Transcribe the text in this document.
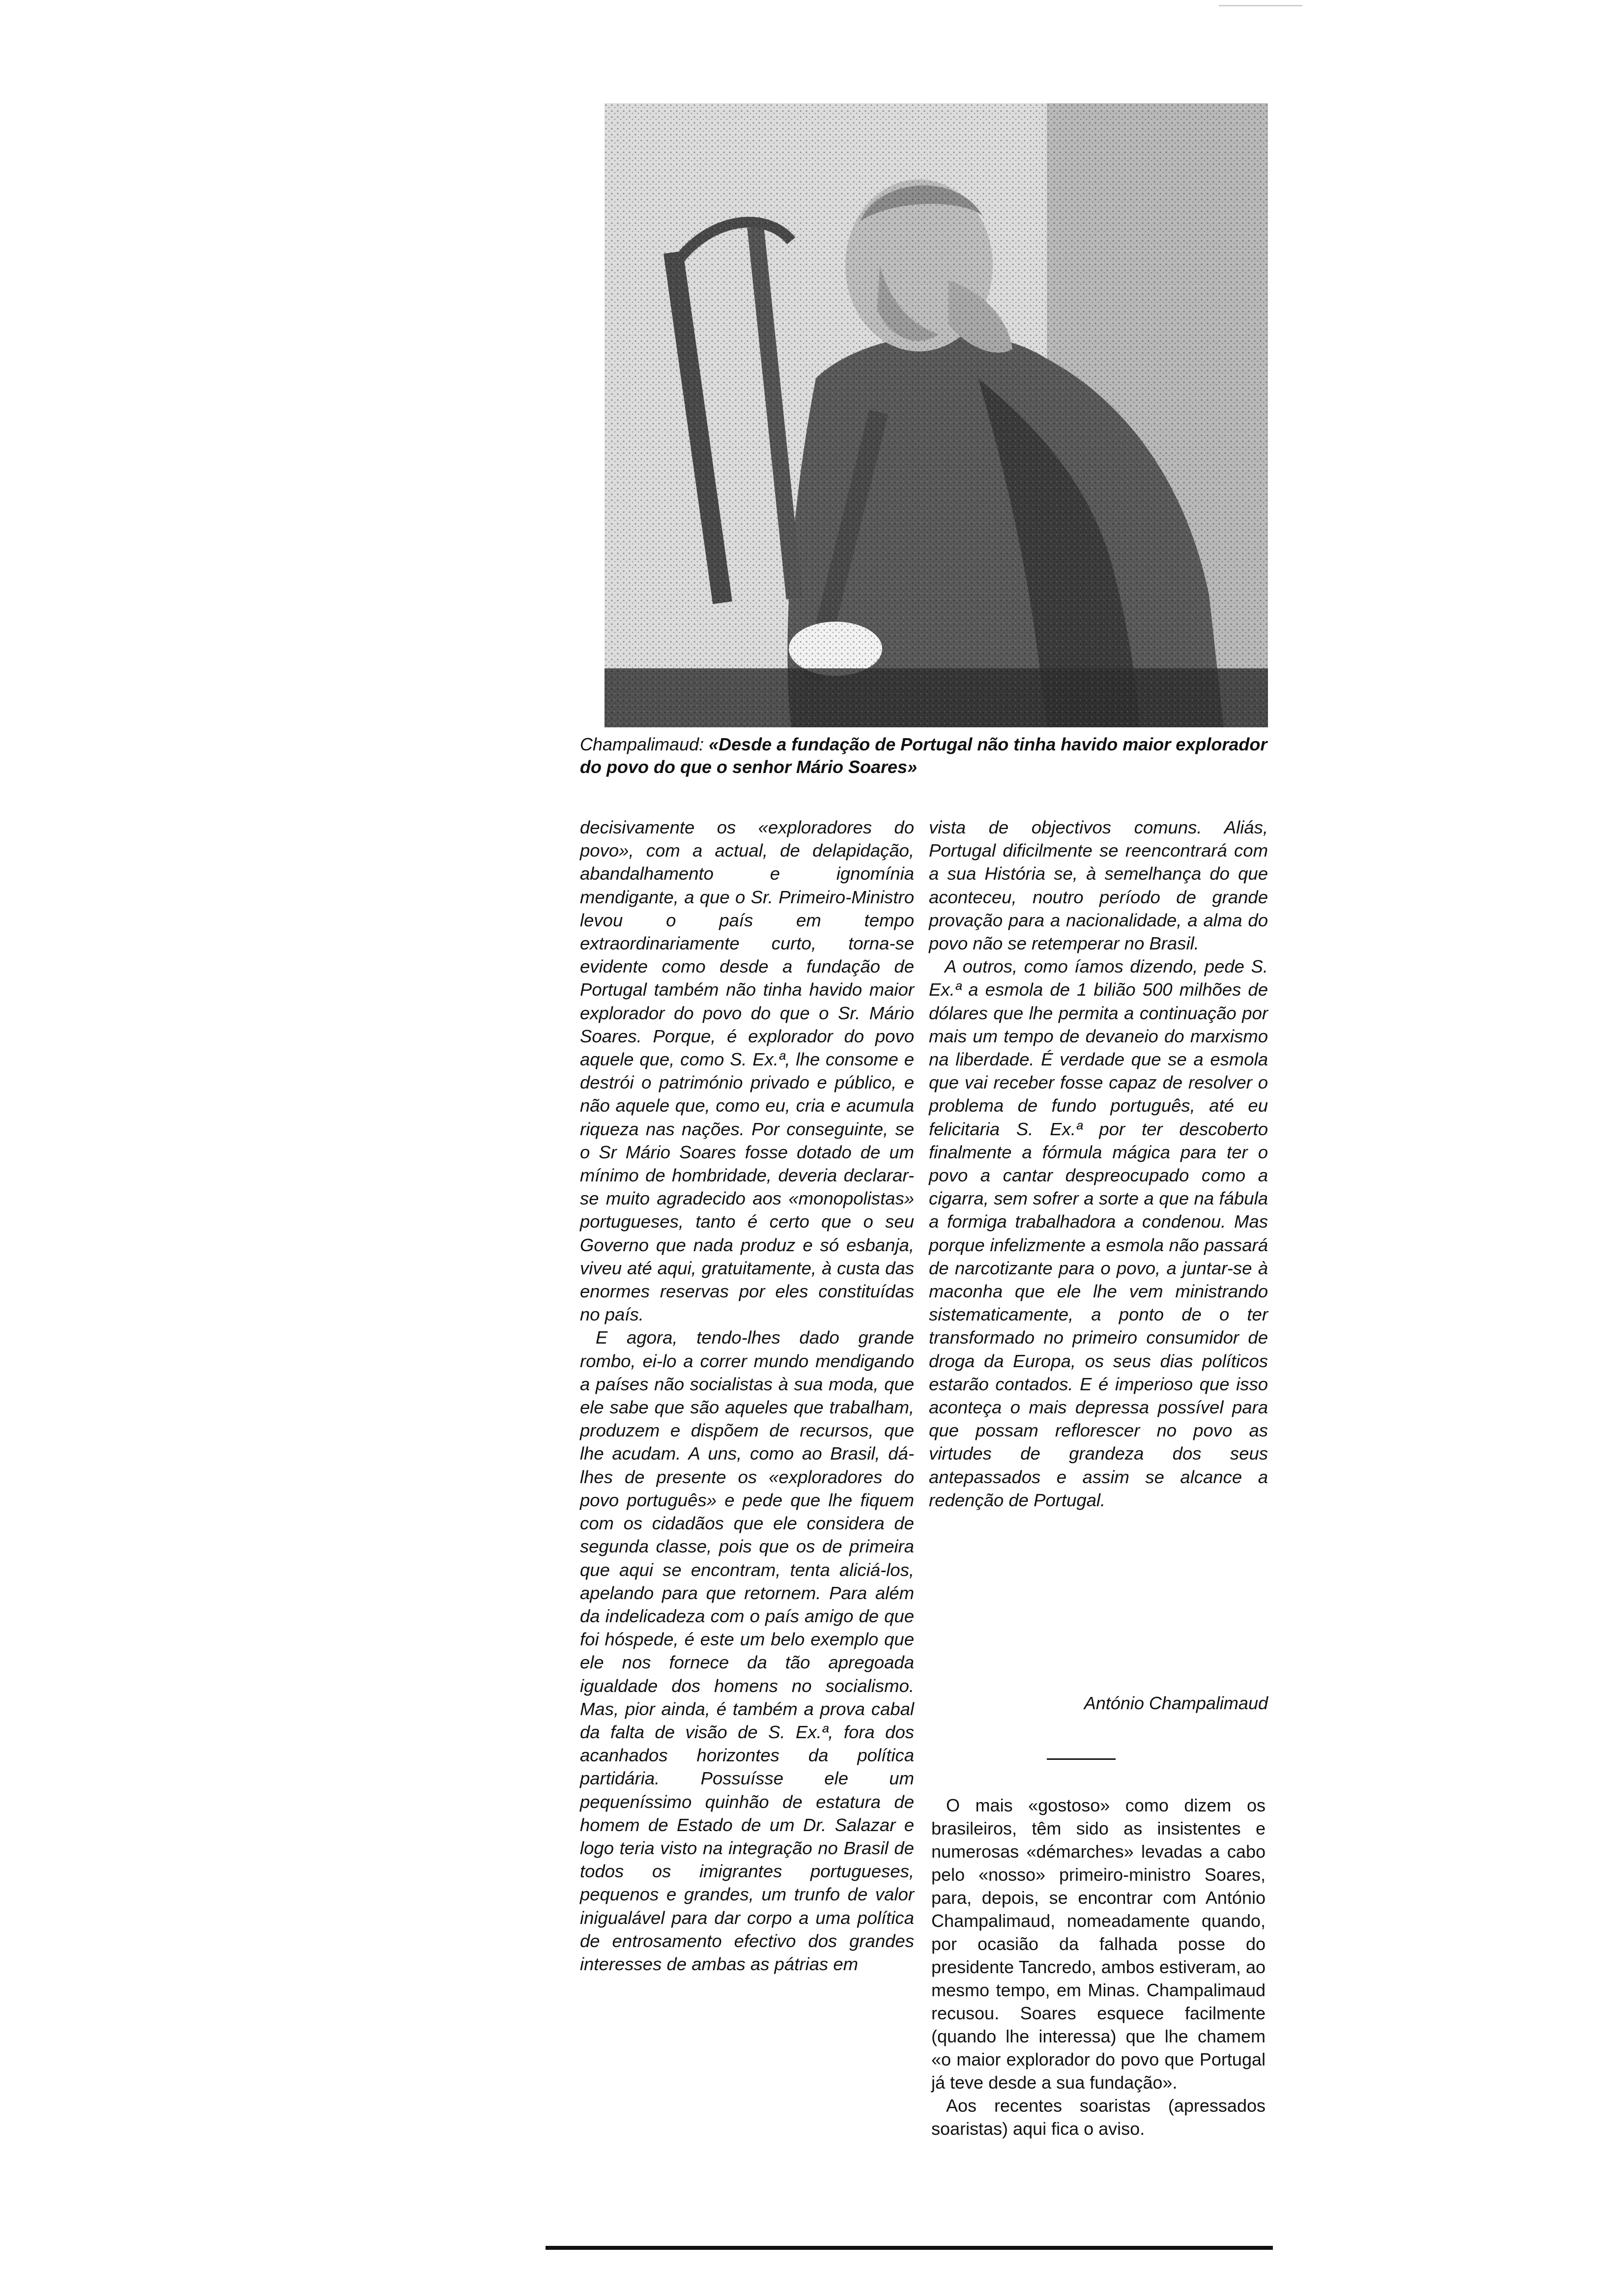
Champalimaud: «Desde a fundação de Portugal não tinha havido maior explorador do povo do que o senhor Mário Soares»

decisivamente os «exploradores do povo», com a actual, de delapidação, abandalhamento e ignomínia mendigante, a que o Sr. Primeiro-Ministro levou o país em tempo extraordinariamente curto, torna-se evidente como desde a fundação de Portugal também não tinha havido maior explorador do povo do que o Sr. Mário Soares. Porque, é explorador do povo aquele que, como S. Ex.ª, lhe consome e destrói o património privado e público, e não aquele que, como eu, cria e acumula riqueza nas nações. Por conseguinte, se o Sr Mário Soares fosse dotado de um mínimo de hombridade, deveria declarar-se muito agradecido aos «monopolistas» portugueses, tanto é certo que o seu Governo que nada produz e só esbanja, viveu até aqui, gratuitamente, à custa das enormes reservas por eles constituídas no país.

E agora, tendo-lhes dado grande rombo, ei-lo a correr mundo mendigando a países não socialistas à sua moda, que ele sabe que são aqueles que trabalham, produzem e dispõem de recursos, que lhe acudam. A uns, como ao Brasil, dá-lhes de presente os «exploradores do povo português» e pede que lhe fiquem com os cidadãos que ele considera de segunda classe, pois que os de primeira que aqui se encontram, tenta aliciá-los, apelando para que retornem. Para além da indelicadeza com o país amigo de que foi hóspede, é este um belo exemplo que ele nos fornece da tão apregoada igualdade dos homens no socialismo. Mas, pior ainda, é também a prova cabal da falta de visão de S. Ex.ª, fora dos acanhados horizontes da política partidária. Possuísse ele um pequeníssimo quinhão de estatura de homem de Estado de um Dr. Salazar e logo teria visto na integração no Brasil de todos os imigrantes portugueses, pequenos e grandes, um trunfo de valor inigualável para dar corpo a uma política de entrosamento efectivo dos grandes interesses de ambas as pátrias em

vista de objectivos comuns. Aliás, Portugal dificilmente se reencontrará com a sua História se, à semelhança do que aconteceu, noutro período de grande provação para a nacionalidade, a alma do povo não se retemperar no Brasil.

A outros, como íamos dizendo, pede S. Ex.ª a esmola de 1 bilião 500 milhões de dólares que lhe permita a continuação por mais um tempo de devaneio do marxismo na liberdade. É verdade que se a esmola que vai receber fosse capaz de resolver o problema de fundo português, até eu felicitaria S. Ex.ª por ter descoberto finalmente a fórmula mágica para ter o povo a cantar despreocupado como a cigarra, sem sofrer a sorte a que na fábula a formiga trabalhadora a condenou. Mas porque infelizmente a esmola não passará de narcotizante para o povo, a juntar-se à maconha que ele lhe vem ministrando sistematicamente, a ponto de o ter transformado no primeiro consumidor de droga da Europa, os seus dias políticos estarão contados. E é imperioso que isso aconteça o mais depressa possível para que possam reflorescer no povo as virtudes de grandeza dos seus antepassados e assim se alcance a redenção de Portugal.

António Champalimaud

O mais «gostoso» como dizem os brasileiros, têm sido as insistentes e numerosas «démarches» levadas a cabo pelo «nosso» primeiro-ministro Soares, para, depois, se encontrar com António Champalimaud, nomeadamente quando, por ocasião da falhada posse do presidente Tancredo, ambos estiveram, ao mesmo tempo, em Minas. Champalimaud recusou. Soares esquece facilmente (quando lhe interessa) que lhe chamem «o maior explorador do povo que Portugal já teve desde a sua fundação».

Aos recentes soaristas (apressados soaristas) aqui fica o aviso.
